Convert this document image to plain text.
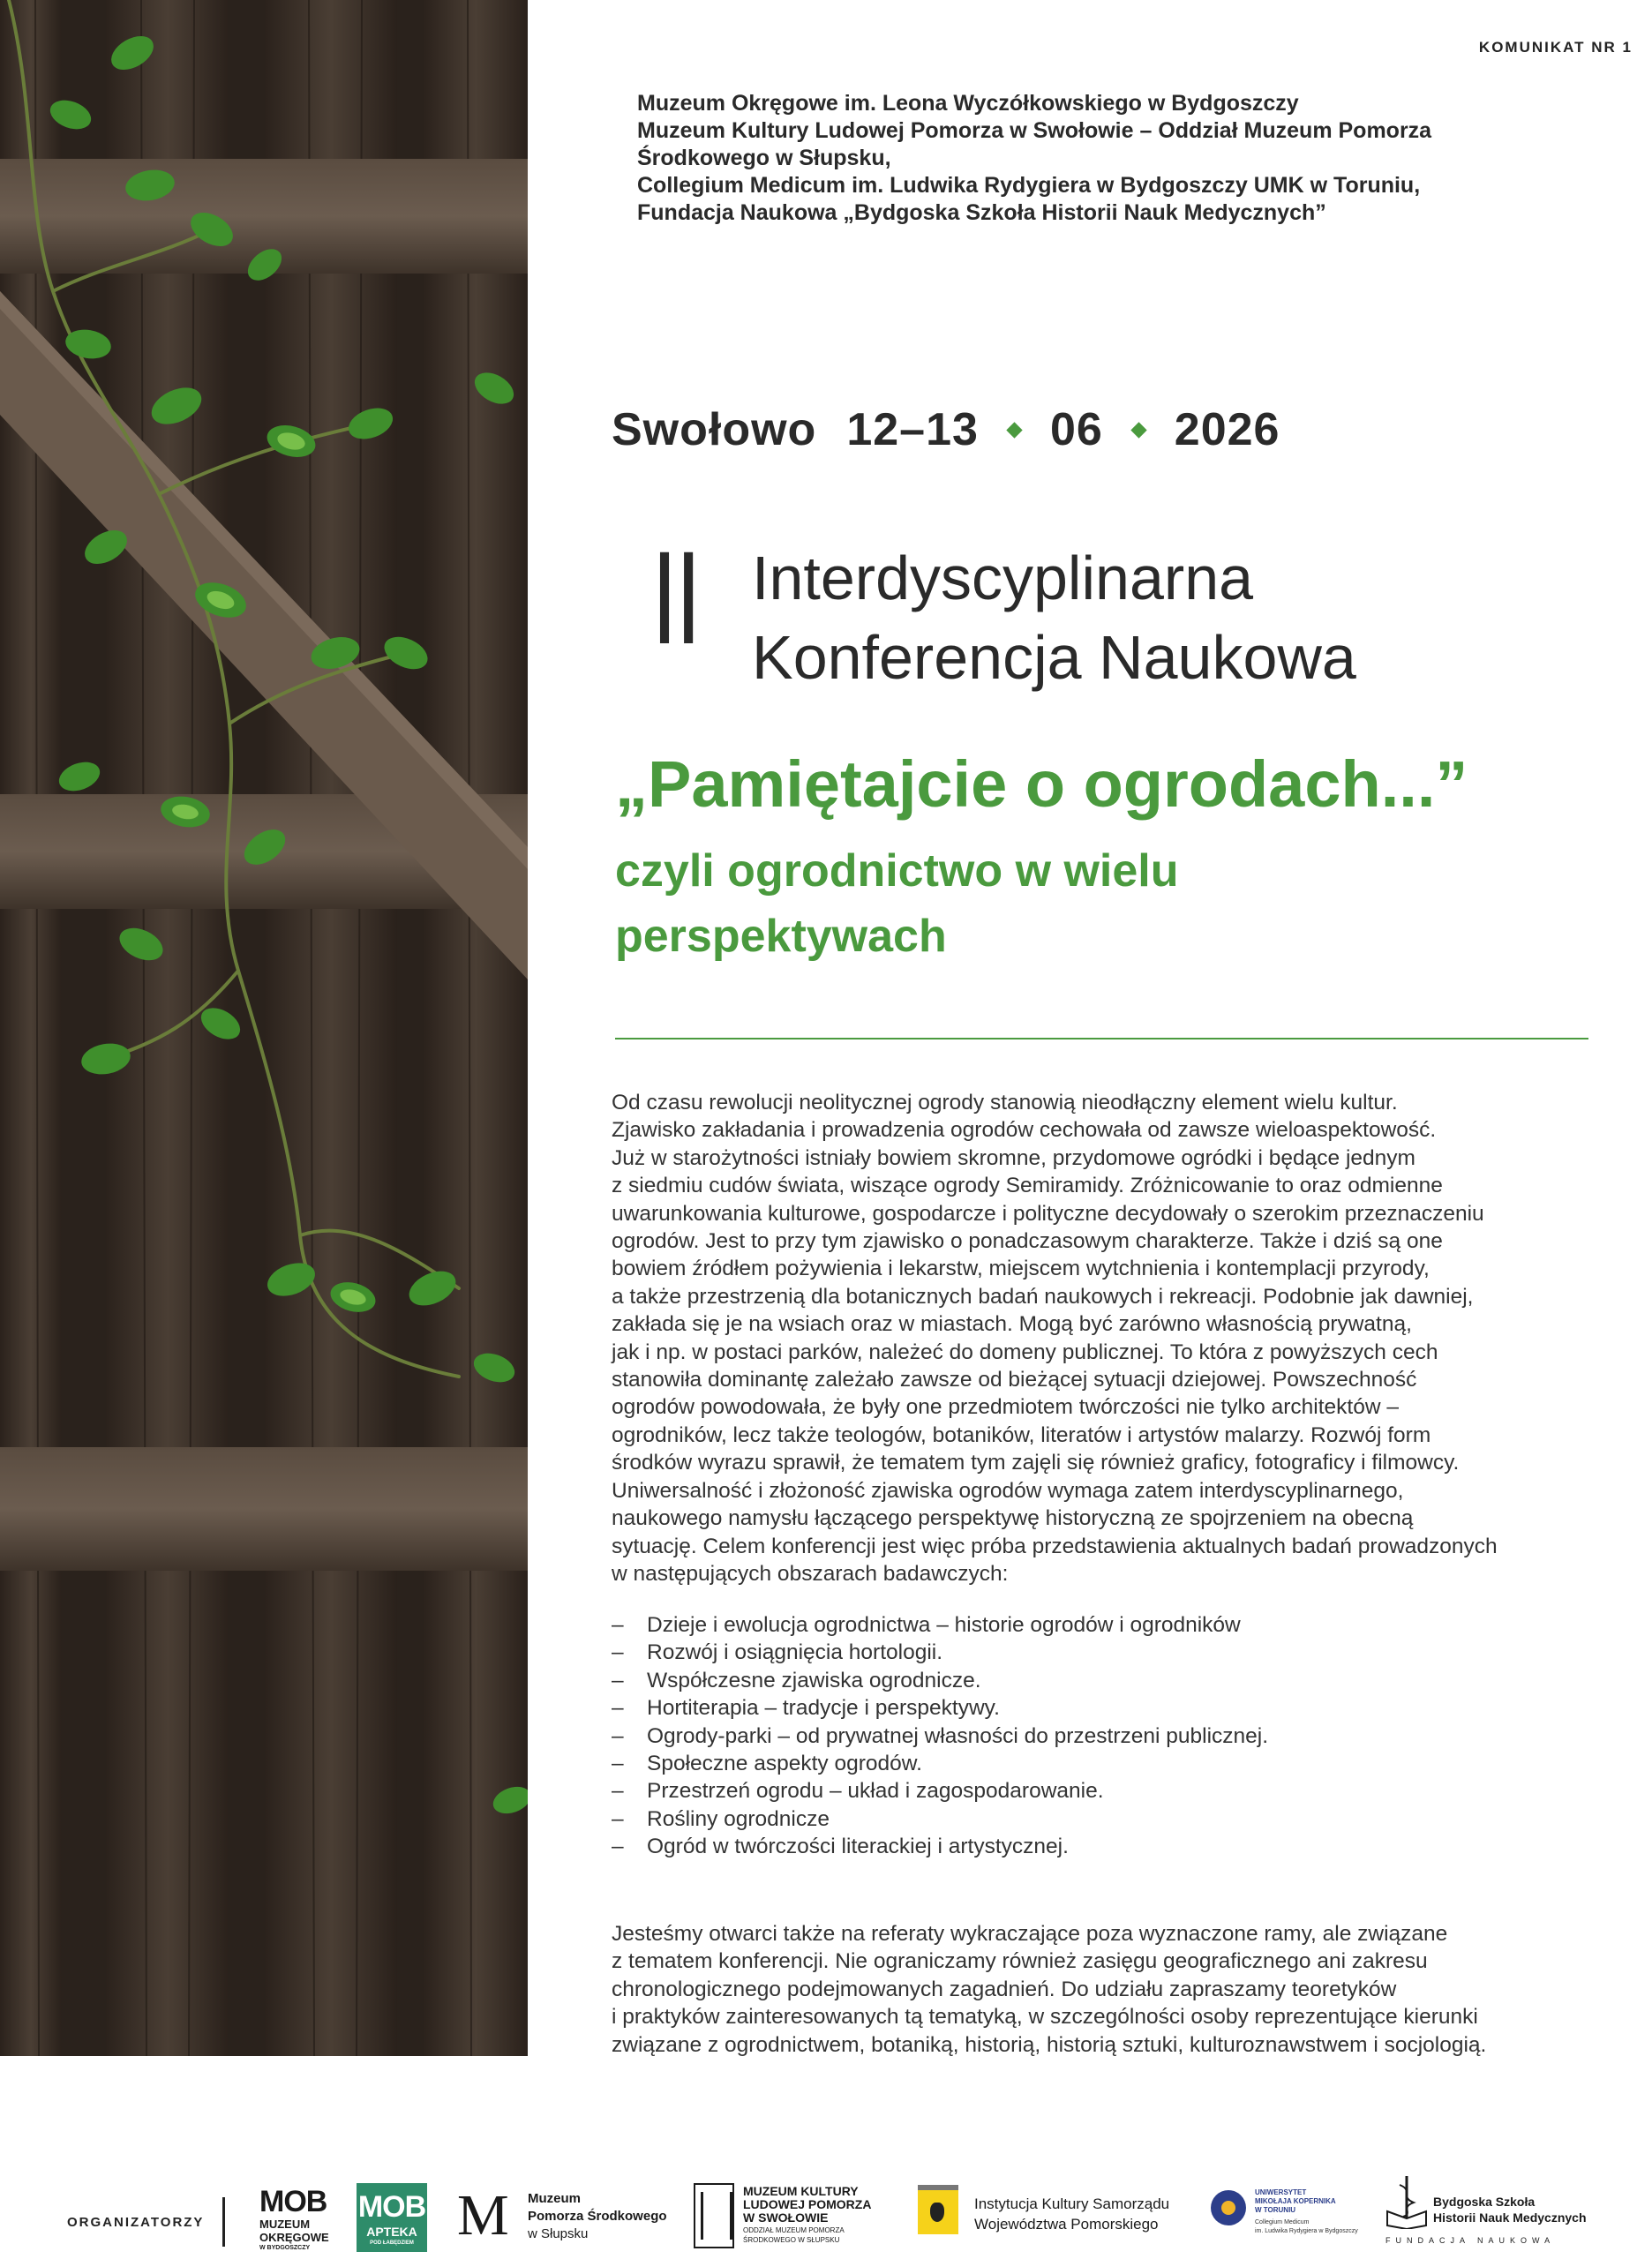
KOMUNIKAT NR 1
Muzeum Okręgowe im. Leona Wyczółkowskiego w Bydgoszczy
Muzeum Kultury Ludowej Pomorza w Swołowie – Oddział Muzeum Pomorza
Środkowego w Słupsku,
Collegium Medicum im. Ludwika Rydygiera w Bydgoszczy UMK w Toruniu,
Fundacja Naukowa „Bydgoska Szkoła Historii Nauk Medycznych”
Swołowo 12–13 06 2026
II Interdyscyplinarna
Konferencja Naukowa
„Pamiętajcie o ogrodach...”
czyli ogrodnictwo w wielu
perspektywach
Od czasu rewolucji neolitycznej ogrody stanowią nieodłączny element wielu kultur.
Zjawisko zakładania i prowadzenia ogrodów cechowała od zawsze wieloaspektowość.
Już w starożytności istniały bowiem skromne, przydomowe ogródki i będące jednym
z siedmiu cudów świata, wiszące ogrody Semiramidy. Zróżnicowanie to oraz odmienne
uwarunkowania kulturowe, gospodarcze i polityczne decydowały o szerokim przeznaczeniu
ogrodów. Jest to przy tym zjawisko o ponadczasowym charakterze. Także i dziś są one
bowiem źródłem pożywienia i lekarstw, miejscem wytchnienia i kontemplacji przyrody,
a także przestrzenią dla botanicznych badań naukowych i rekreacji. Podobnie jak dawniej,
zakłada się je na wsiach oraz w miastach. Mogą być zarówno własnością prywatną,
jak i np. w postaci parków, należeć do domeny publicznej. To która z powyższych cech
stanowiła dominantę zależało zawsze od bieżącej sytuacji dziejowej. Powszechność
ogrodów powodowała, że były one przedmiotem twórczości nie tylko architektów –
ogrodników, lecz także teologów, botaników, literatów i artystów malarzy. Rozwój form
środków wyrazu sprawił, że tematem tym zajęli się również graficy, fotograficy i filmowcy.
Uniwersalność i złożoność zjawiska ogrodów wymaga zatem interdyscyplinarnego,
naukowego namysłu łączącego perspektywę historyczną ze spojrzeniem na obecną
sytuację. Celem konferencji jest więc próba przedstawienia aktualnych badań prowadzonych
w następujących obszarach badawczych:
– Dzieje i ewolucja ogrodnictwa – historie ogrodów i ogrodników
– Rozwój i osiągnięcia hortologii.
– Współczesne zjawiska ogrodnicze.
– Hortiterapia – tradycje i perspektywy.
– Ogrody-parki – od prywatnej własności do przestrzeni publicznej.
– Społeczne aspekty ogrodów.
– Przestrzeń ogrodu – układ i zagospodarowanie.
– Rośliny ogrodnicze
– Ogród w twórczości literackiej i artystycznej.
Jesteśmy otwarci także na referaty wykraczające poza wyznaczone ramy, ale związane
z tematem konferencji. Nie ograniczamy również zasięgu geograficznego ani zakresu
chronologicznego podejmowanych zagadnień. Do udziału zapraszamy teoretyków
i praktyków zainteresowanych tą tematyką, w szczególności osoby reprezentujące kierunki
związane z ogrodnictwem, botaniką, historią, historią sztuki, kulturoznawstwem i socjologią.
ORGANIZATORZY
MOB
MUZEUM
OKRĘGOWE
W BYDGOSZCZY
MOB
APTEKA
POD ŁABĘDZIEM M Muzeum
Pomorza Środkowego
w Słupsku
MUZEUM KULTURY
LUDOWEJ POMORZA
W SWOŁOWIE
ODDZIAŁ MUZEUM POMORZA
ŚRODKOWEGO W SŁUPSKU
Instytucja Kultury Samorządu
Województwa Pomorskiego
UNIWERSYTET
MIKOŁAJA KOPERNIKA
W TORUNIU
Collegium Medicum
im. Ludwika Rydygiera w Bydgoszczy
Bydgoska Szkoła
Historii Nauk Medycznych
FUNDACJA NAUKOWA
